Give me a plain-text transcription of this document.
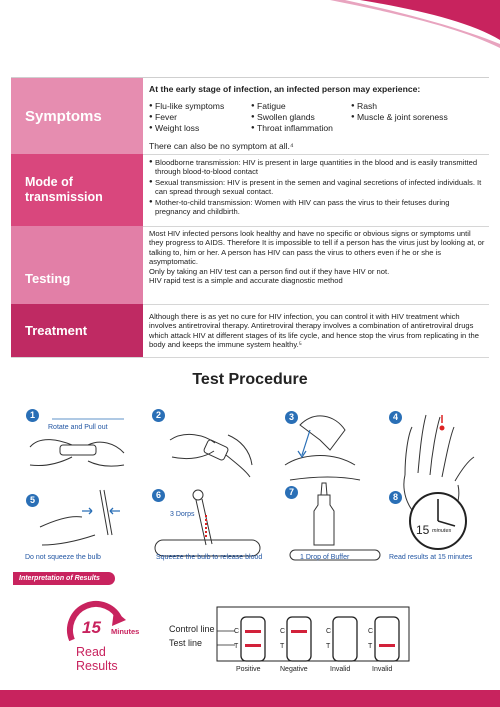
Symptoms
At the early stage of infection, an infected person may experience:
● Flu-like symptoms
● Fever
● Weight loss
● Fatigue
● Swollen glands
● Throat inflammation
● Rash
● Muscle & joint soreness
There can also be no symptom at all.⁴
Mode of
transmission
● Bloodborne transmission: HIV is present in large quantities in the blood and is easily transmitted through blood-to-blood contact
● Sexual transmission: HIV is present in the semen and vaginal secretions of infected individuals. It can spread through sexual contact.
● Mother-to-child transmission: Women with HIV can pass the virus to their fetuses during pregnancy and childbirth.
Testing
Most HIV infected persons look healthy and have no specific or obvious signs or symptoms until they progress to AIDS. Therefore It is impossible to tell if a person has the virus just by looking at, or talking to, him or her. A person has HIV can pass the virus to others even if he or she is asymptomatic.
Only by taking an HIV test can a person find out if they have HIV or not.
HIV rapid test is a simple and accurate diagnostic method
Treatment
Although there is as yet no cure for HIV infection, you can control it with HIV treatment which involves antiretroviral therapy. Antiretroviral therapy involves a combination of antiretroviral drugs which attack HIV at different stages of its life cycle, and hence stop the virus from replicating in the body and keeps the immune system healthy.⁵
Test Procedure
1	2	3	4
5	6	7	8
Rotate and Pull out
Do not squeeze the bulb	Squeeze the bulb to release blood
3 Dorps
1 Drop of Buffer	Read results at 15 minutes
15 minutes
Interpretation of Results
15 Minutes
Read
Results
Control line
Test line
C
T
C
T
C
T
C
T
Positive	Negative	Invalid	Invalid
